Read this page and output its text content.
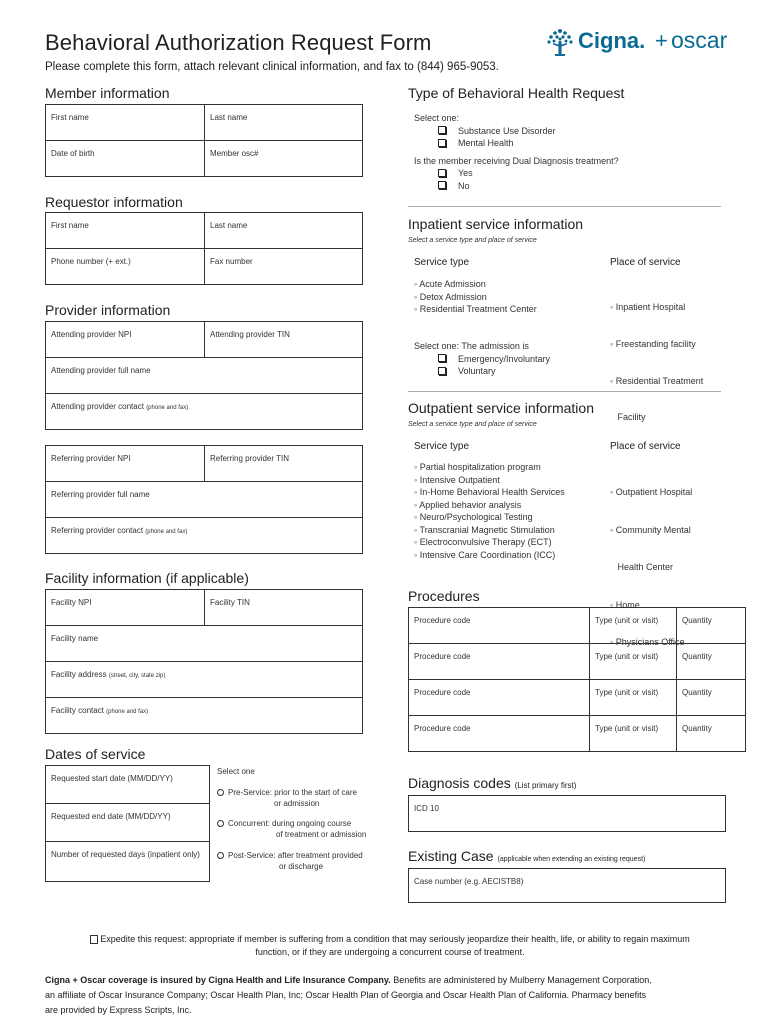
Behavioral Authorization Request Form
Please complete this form, attach relevant clinical information, and fax to (844) 965-9053.
Cigna. + oscar
Member information
First name	Last name
Date of birth	Member osc#
Requestor information
First name	Last name
Phone number (+ ext.)	Fax number
Provider information
Attending provider NPI	Attending provider TIN
Attending provider full name
Attending provider contact (phone and fax)
Referring provider NPI	Referring provider TIN
Referring provider full name
Referring provider contact (phone and fax)
Facility information (if applicable)
Facility NPI	Facility TIN
Facility name
Facility address (street, city, state zip)
Facility contact (phone and fax)
Dates of service
Requested start date (MM/DD/YY)
Requested end date (MM/DD/YY)
Number of requested days (inpatient only)
Select one
Pre-Service: prior to the start of care
or admission
Concurrent: during ongoing course
of treatment or admission
Post-Service: after treatment provided
or discharge
Type of Behavioral Health Request
Select one:
Substance Use Disorder
Mental Health
Is the member receiving Dual Diagnosis treatment?
Yes
No
Inpatient service information
Select a service type and place of service
Service type	Place of service
◦ Acute Admission
◦ Detox Admission
◦ Residential Treatment Center

	◦ Inpatient Hospital

◦ Freestanding facility

◦ Residential Treatment

Facility

Select one: The admission is
Emergency/Involuntary
Voluntary
Outpatient service information
Select a service type and place of service
Service type	Place of service
◦ Partial hospitalization program
◦ Intensive Outpatient
◦ In-Home Behavioral Health Services
◦ Applied behavior analysis
◦ Neuro/Psychological Testing
◦ Transcranial Magnetic Stimulation
◦ Electroconvulsive Therapy (ECT)
◦ Intensive Care Coordination (ICC)

◦ Outpatient Hospital

◦ Community Mental

Health Center

◦ Home

◦ Physicians Office

Procedures
Procedure code	Type (unit or visit)	Quantity
Procedure code	Type (unit or visit)	Quantity
Procedure code	Type (unit or visit)	Quantity
Procedure code	Type (unit or visit)	Quantity
Diagnosis codes (List primary first)
ICD 10
Existing Case (applicable when extending an existing request)
Case number (e.g. AECISTB8)
Expedite this request: appropriate if member is suffering from a condition that may seriously jeopardize their health, life, or ability to regain maximum
function, or if they are undergoing a concurrent course of treatment.
Cigna + Oscar coverage is insured by Cigna Health and Life Insurance Company. Benefits are administered by Mulberry Management Corporation,
an affiliate of Oscar Insurance Company; Oscar Health Plan, Inc; Oscar Health Plan of Georgia and Oscar Health Plan of California. Pharmacy benefits
are provided by Express Scripts, Inc.
